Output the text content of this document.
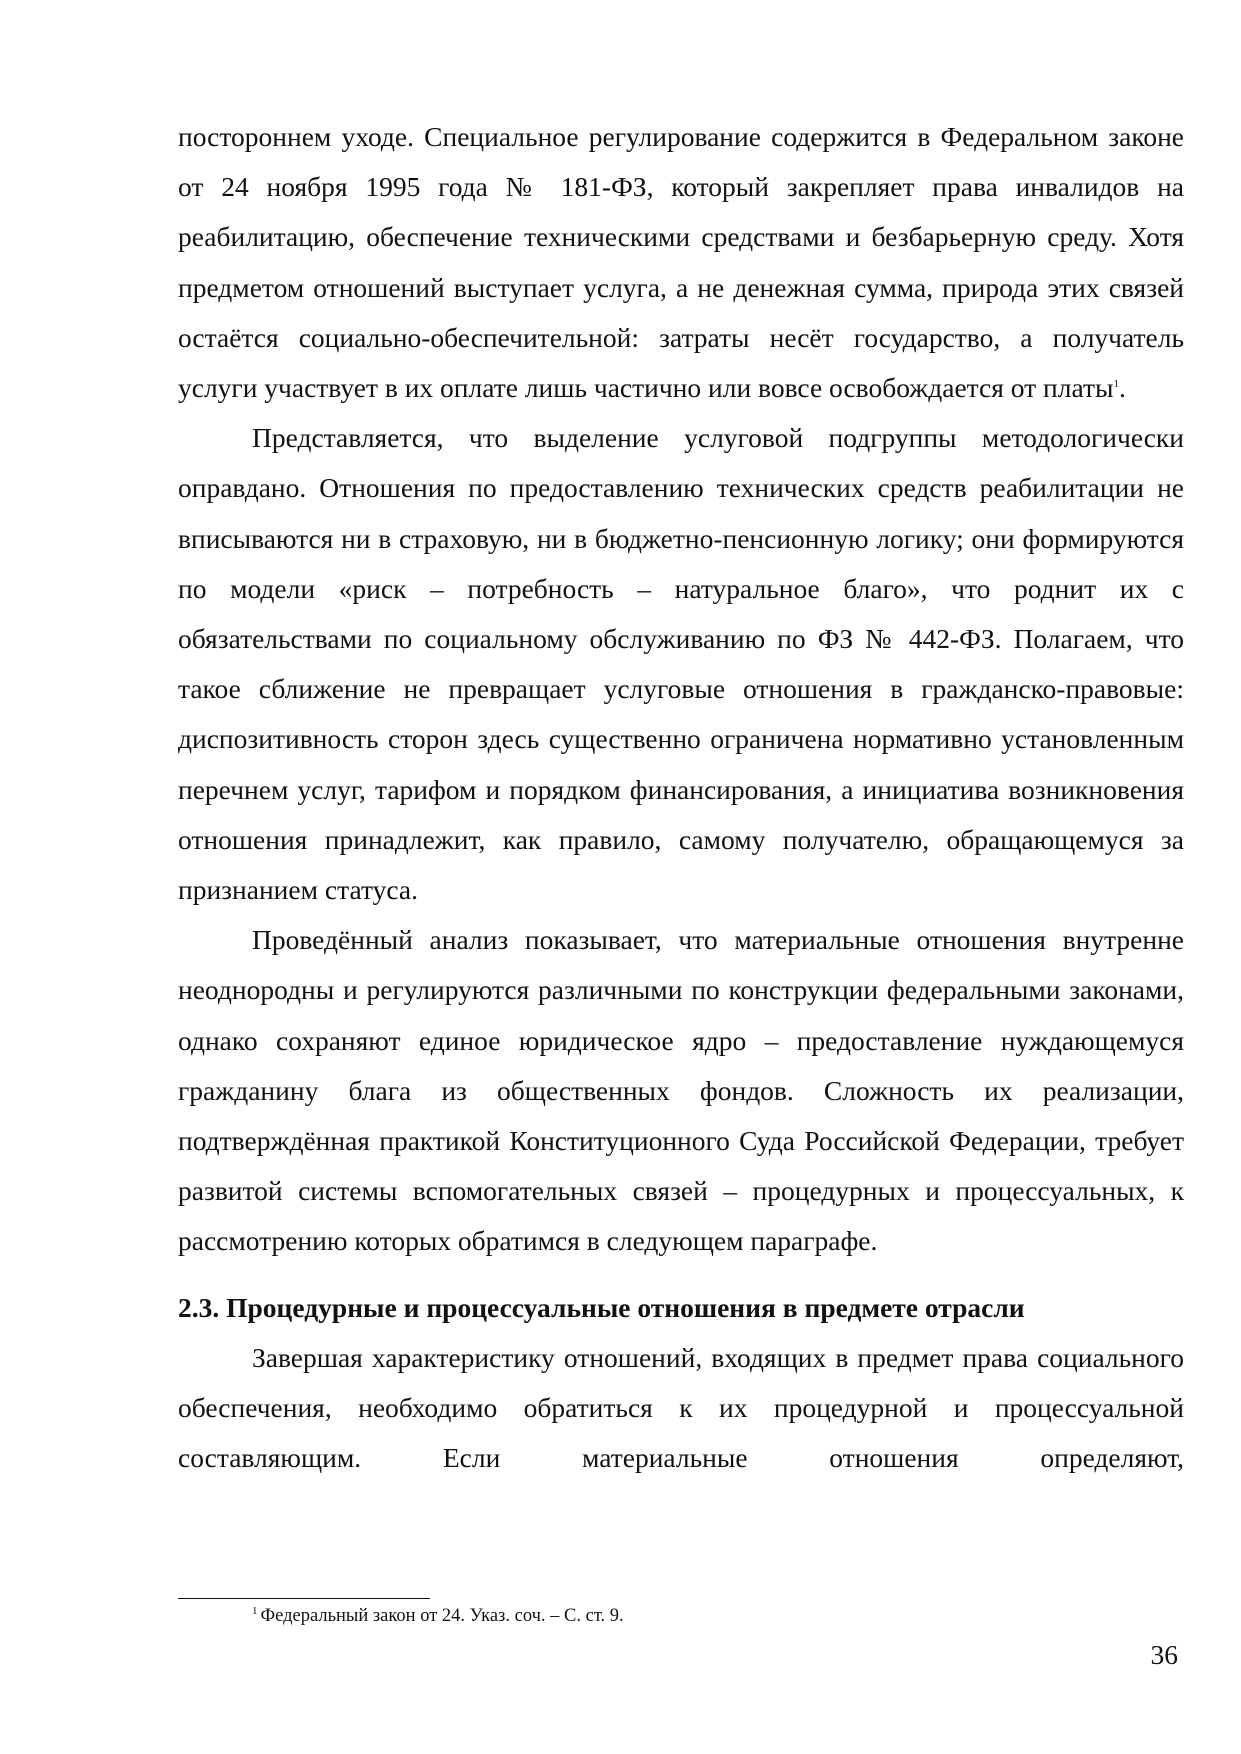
постороннем уходе. Специальное регулирование содержится в Федеральном законе от 24 ноября 1995 года № 181-ФЗ, который закрепляет права инвалидов на реабилитацию, обеспечение техническими средствами и безбарьерную среду. Хотя предметом отношений выступает услуга, а не денежная сумма, природа этих связей остаётся социально-обеспечительной: затраты несёт государство, а получатель услуги участвует в их оплате лишь частично или вовсе освобождается от платы$^1$.

Представляется, что выделение услуговой подгруппы методологически оправдано. Отношения по предоставлению технических средств реабилитации не вписываются ни в страховую, ни в бюджетно-пенсионную логику; они формируются по модели «риск – потребность – натуральное благо», что роднит их с обязательствами по социальному обслуживанию по ФЗ № 442-ФЗ. Полагаем, что такое сближение не превращает услуговые отношения в гражданско-правовые: диспозитивность сторон здесь существенно ограничена нормативно установленным перечнем услуг, тарифом и порядком финансирования, а инициатива возникновения отношения принадлежит, как правило, самому получателю, обращающемуся за признанием статуса.

Проведённый анализ показывает, что материальные отношения внутренне неоднородны и регулируются различными по конструкции федеральными законами, однако сохраняют единое юридическое ядро – предоставление нуждающемуся гражданину блага из общественных фондов. Сложность их реализации, подтверждённая практикой Конституционного Суда Российской Федерации, требует развитой системы вспомогательных связей – процедурных и процессуальных, к рассмотрению которых обратимся в следующем параграфе.

2.3. Процедурные и процессуальные отношения в предмете отрасли

Завершая характеристику отношений, входящих в предмет права социального обеспечения, необходимо обратиться к их процедурной и процессуальной составляющим. Если материальные отношения определяют,

$^1$ Федеральный закон от 24. Указ. соч. – С. ст. 9.
36
